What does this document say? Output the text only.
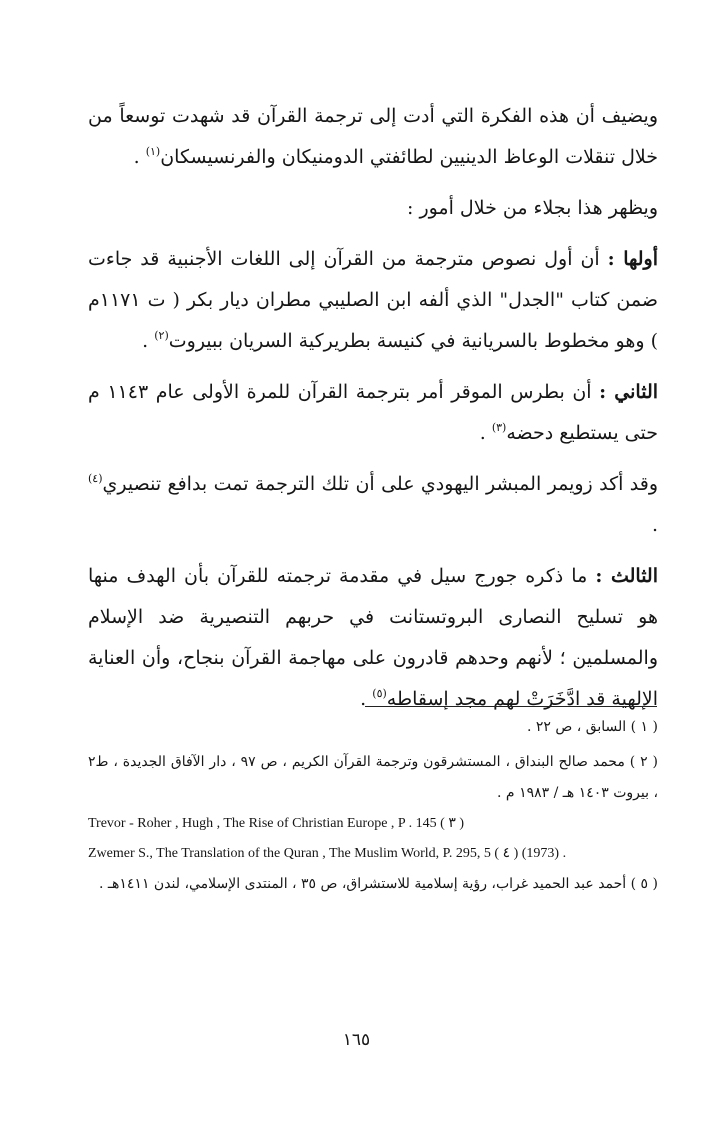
ويضيف أن هذه الفكرة التي أدت إلى ترجمة القرآن قد شهدت توسعاً من خلال تنقلات الوعاظ الدينيين لطائفتي الدومنيكان والفرنسيسكان$^{(١)}$ .

ويظهر هذا بجلاء من خلال أمور :

أولها : أن أول نصوص مترجمة من القرآن إلى اللغات الأجنبية قد جاءت ضمن كتاب "الجدل" الذي ألفه ابن الصليبي مطران ديار بكر ( ت ١١٧١م ) وهو مخطوط بالسريانية في كنيسة بطريركية السريان ببيروت$^{(٢)}$ .

الثاني : أن بطرس الموقر أمر بترجمة القرآن للمرة الأولى عام ١١٤٣ م حتى يستطيع دحضه$^{(٣)}$ .

وقد أكد زويمر المبشر اليهودي على أن تلك الترجمة تمت بدافع تنصيري$^{(٤)}$ .

الثالث : ما ذكره جورج سيل في مقدمة ترجمته للقرآن بأن الهدف منها هو تسليح النصارى البروتستانت في حربهم التنصيرية ضد الإسلام والمسلمين ؛ لأنهم وحدهم قادرون على مهاجمة القرآن بنجاح، وأن العناية الإلهية قد ادَّخَرَتْ لهم مجد إسقاطه$^{(٥)}$ .

( ١ ) السابق ، ص ٢٢ .

( ٢ ) محمد صالح البنداق ، المستشرقون وترجمة القرآن الكريم ، ص ٩٧ ، دار الآفاق الجديدة ، ط٢ ، بيروت ١٤٠٣ هـ / ١٩٨٣ م .

Trevor - Roher , Hugh , The Rise of Christian Europe , P . 145 ( ٣ )

Zwemer S., The Translation of the Quran , The Muslim World, P. 295, 5 ( ٤ ) (1973) .

( ٥ ) أحمد عبد الحميد غراب، رؤية إسلامية للاستشراق، ص ٣٥ ، المنتدى الإسلامي، لندن ١٤١١هـ .

١٦٥
